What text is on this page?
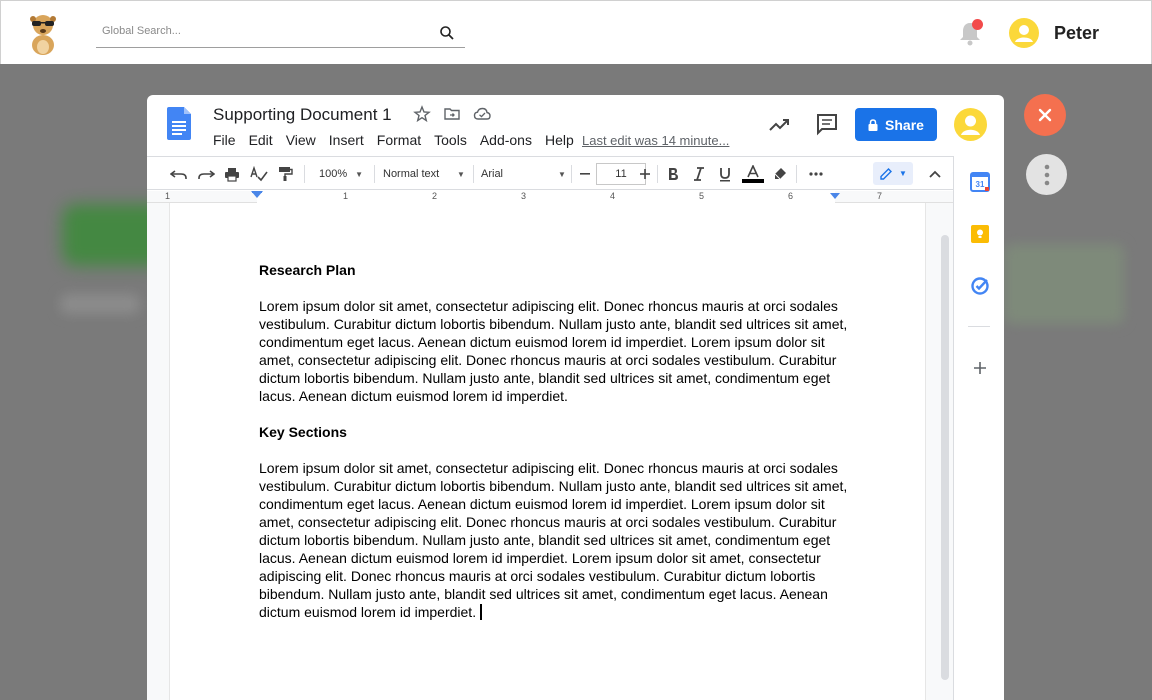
Global Search...
Peter
Supporting Document 1
File Edit View Insert Format Tools Add-ons Help Last edit was 14 minute...
Share
100% ▼ Normal text	▼ Arial	▼	11	▼
1	1	2	3	4	5	6	7
Research Plan
Lorem ipsum dolor sit amet, consectetur adipiscing elit. Donec rhoncus mauris at orci sodales vestibulum. Curabitur dictum lobortis bibendum. Nullam justo ante, blandit sed ultrices sit amet, condimentum eget lacus. Aenean dictum euismod lorem id imperdiet. Lorem ipsum dolor sit amet, consectetur adipiscing elit. Donec rhoncus mauris at orci sodales vestibulum. Curabitur dictum lobortis bibendum. Nullam justo ante, blandit sed ultrices sit amet, condimentum eget lacus. Aenean dictum euismod lorem id imperdiet.
Key Sections
Lorem ipsum dolor sit amet, consectetur adipiscing elit. Donec rhoncus mauris at orci sodales vestibulum. Curabitur dictum lobortis bibendum. Nullam justo ante, blandit sed ultrices sit amet, condimentum eget lacus. Aenean dictum euismod lorem id imperdiet. Lorem ipsum dolor sit amet, consectetur adipiscing elit. Donec rhoncus mauris at orci sodales vestibulum. Curabitur dictum lobortis bibendum. Nullam justo ante, blandit sed ultrices sit amet, condimentum eget lacus. Aenean dictum euismod lorem id imperdiet. Lorem ipsum dolor sit amet, consectetur adipiscing elit. Donec rhoncus mauris at orci sodales vestibulum. Curabitur dictum lobortis bibendum. Nullam justo ante, blandit sed ultrices sit amet, condimentum eget lacus. Aenean dictum euismod lorem id imperdiet.
31
